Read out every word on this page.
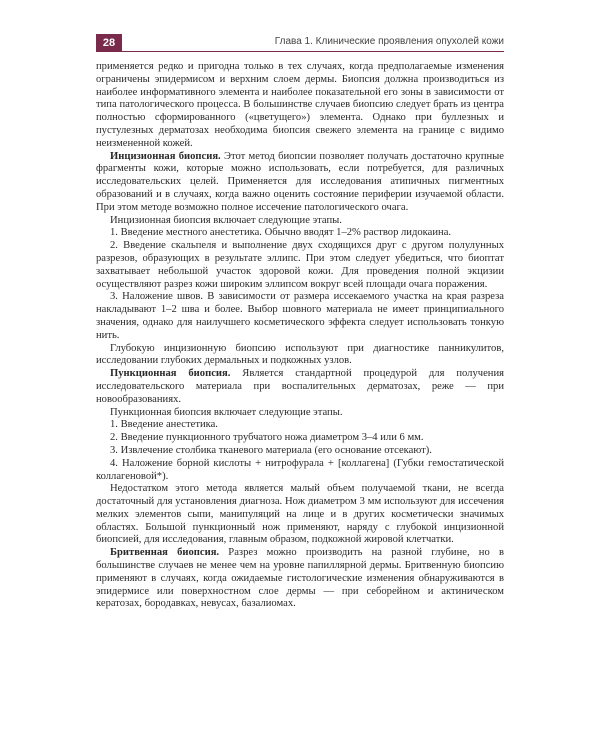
28	Глава 1. Клинические проявления опухолей кожи

применяется редко и пригодна только в тех случаях, когда предполагаемые изменения ограничены эпидермисом и верхним слоем дермы. Биопсия должна производиться из наиболее информативного элемента и наиболее показательной его зоны в зависимости от типа патологического процесса. В большинстве случаев биопсию следует брать из центра полностью сформированного («цветущего») элемента. Однако при буллезных и пустулезных дерматозах необходима биопсия свежего элемента на границе с видимо неизмененной кожей.

Инцизионная биопсия. Этот метод биопсии позволяет получать достаточно крупные фрагменты кожи, которые можно использовать, если потребуется, для различных исследовательских целей. Применяется для исследования атипичных пигментных образований и в случаях, когда важно оценить состояние периферии изучаемой области. При этом методе возможно полное иссечение патологического очага.

Инцизионная биопсия включает следующие этапы.

1. Введение местного анестетика. Обычно вводят 1–2% раствор лидокаина.

2. Введение скальпеля и выполнение двух сходящихся друг с другом полулунных разрезов, образующих в результате эллипс. При этом следует убедиться, что биоптат захватывает небольшой участок здоровой кожи. Для проведения полной экцизии осуществляют разрез кожи широким эллипсом вокруг всей площади очага поражения.

3. Наложение швов. В зависимости от размера иссекаемого участка на края разреза накладывают 1–2 шва и более. Выбор шовного материала не имеет принципиального значения, однако для наилучшего косметического эффекта следует использовать тонкую нить.

Глубокую инцизионную биопсию используют при диагностике панникулитов, исследовании глубоких дермальных и подкожных узлов.

Пункционная биопсия. Является стандартной процедурой для получения исследовательского материала при воспалительных дерматозах, реже — при новообразованиях.

Пункционная биопсия включает следующие этапы.

1. Введение анестетика.

2. Введение пункционного трубчатого ножа диаметром 3–4 или 6 мм.

3. Извлечение столбика тканевого материала (его основание отсекают).

4. Наложение борной кислоты + нитрофурала + [коллагена] (Губки гемостатической коллагеновой*).

Недостатком этого метода является малый объем получаемой ткани, не всегда достаточный для установления диагноза. Нож диаметром 3 мм используют для иссечения мелких элементов сыпи, манипуляций на лице и в других косметически значимых областях. Большой пункционный нож применяют, наряду с глубокой инцизионной биопсией, для исследования, главным образом, подкожной жировой клетчатки.

Бритвенная биопсия. Разрез можно производить на разной глубине, но в большинстве случаев не менее чем на уровне папиллярной дермы. Бритвенную биопсию применяют в случаях, когда ожидаемые гистологические изменения обнаруживаются в эпидермисе или поверхностном слое дермы — при себорейном и актиническом кератозах, бородавках, невусах, базалиомах.
